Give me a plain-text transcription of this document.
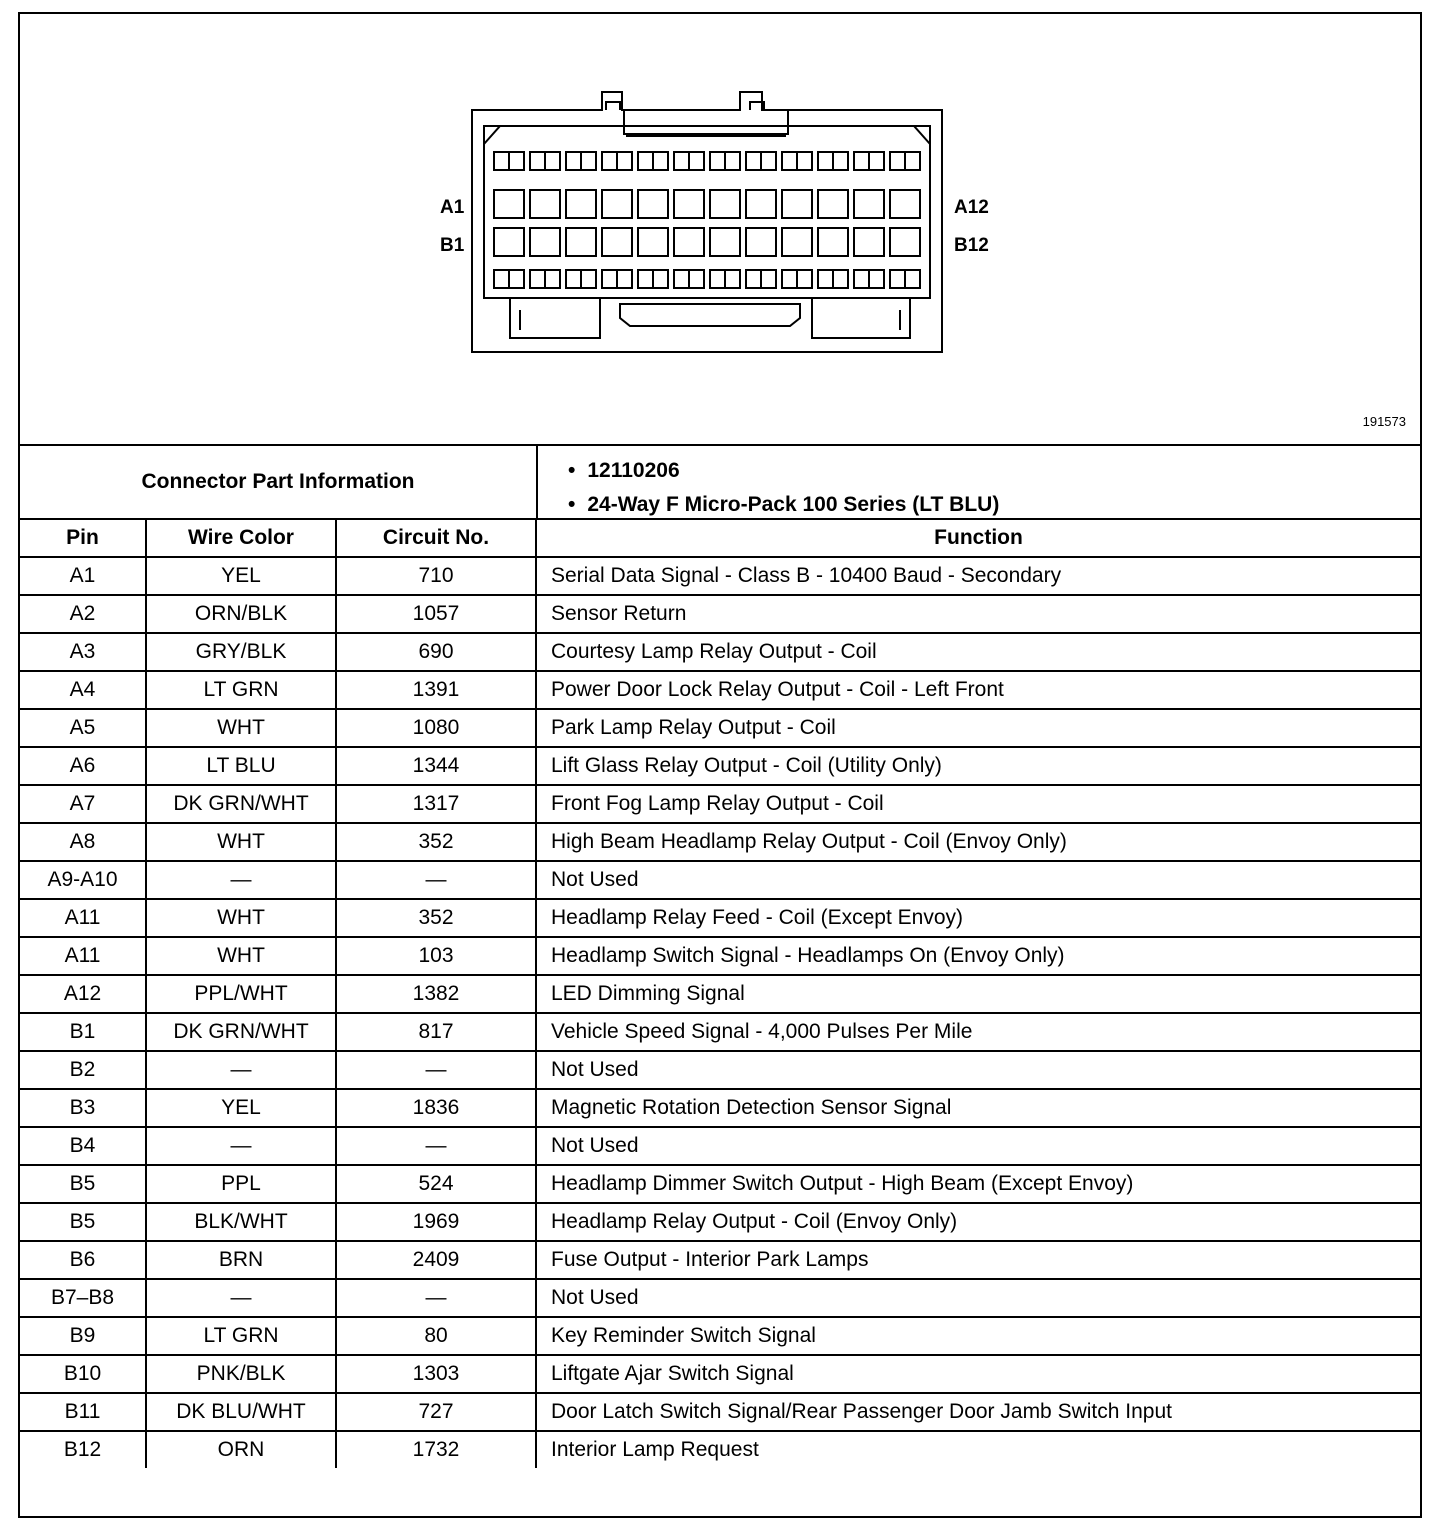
A1
B1
A12
B12
191573
Connector Part Information	• 12110206
• 24-Way F Micro-Pack 100 Series (LT BLU)
Pin	Wire Color	Circuit No.	Function
A1	YEL	710	Serial Data Signal - Class B - 10400 Baud - Secondary
A2	ORN/BLK	1057	Sensor Return
A3	GRY/BLK	690	Courtesy Lamp Relay Output - Coil
A4	LT GRN	1391	Power Door Lock Relay Output - Coil - Left Front
A5	WHT	1080	Park Lamp Relay Output - Coil
A6	LT BLU	1344	Lift Glass Relay Output - Coil (Utility Only)
A7	DK GRN/WHT	1317	Front Fog Lamp Relay Output - Coil
A8	WHT	352	High Beam Headlamp Relay Output - Coil (Envoy Only)
A9-A10	—	—	Not Used
A11	WHT	352	Headlamp Relay Feed - Coil (Except Envoy)
A11	WHT	103	Headlamp Switch Signal - Headlamps On (Envoy Only)
A12	PPL/WHT	1382	LED Dimming Signal
B1	DK GRN/WHT	817	Vehicle Speed Signal - 4,000 Pulses Per Mile
B2	—	—	Not Used
B3	YEL	1836	Magnetic Rotation Detection Sensor Signal
B4	—	—	Not Used
B5	PPL	524	Headlamp Dimmer Switch Output - High Beam (Except Envoy)
B5	BLK/WHT	1969	Headlamp Relay Output - Coil (Envoy Only)
B6	BRN	2409	Fuse Output - Interior Park Lamps
B7–B8	—	—	Not Used
B9	LT GRN	80	Key Reminder Switch Signal
B10	PNK/BLK	1303	Liftgate Ajar Switch Signal
B11	DK BLU/WHT	727	Door Latch Switch Signal/Rear Passenger Door Jamb Switch Input
B12	ORN	1732	Interior Lamp Request
